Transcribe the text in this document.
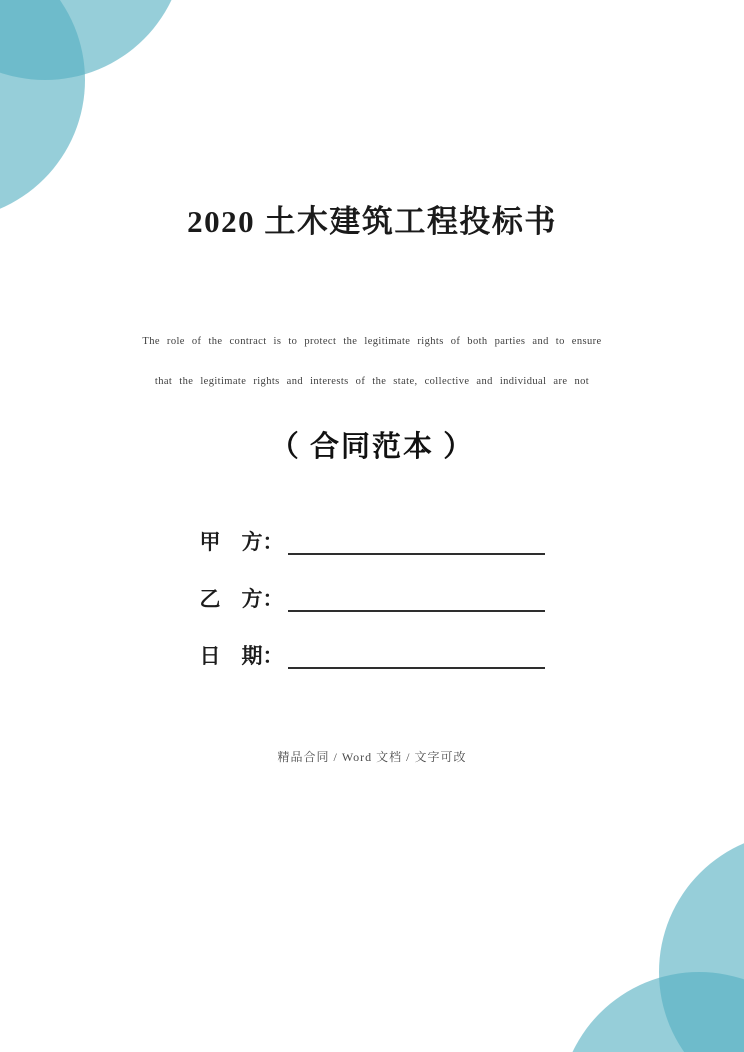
2020 土木建筑工程投标书
The role of the contract is to protect the legitimate rights of both parties and to ensure
that the legitimate rights and interests of the state, collective and individual are not
（ 合同范本 ）
甲　方：
乙　方：
日　期：
精品合同 / Word 文档 / 文字可改
